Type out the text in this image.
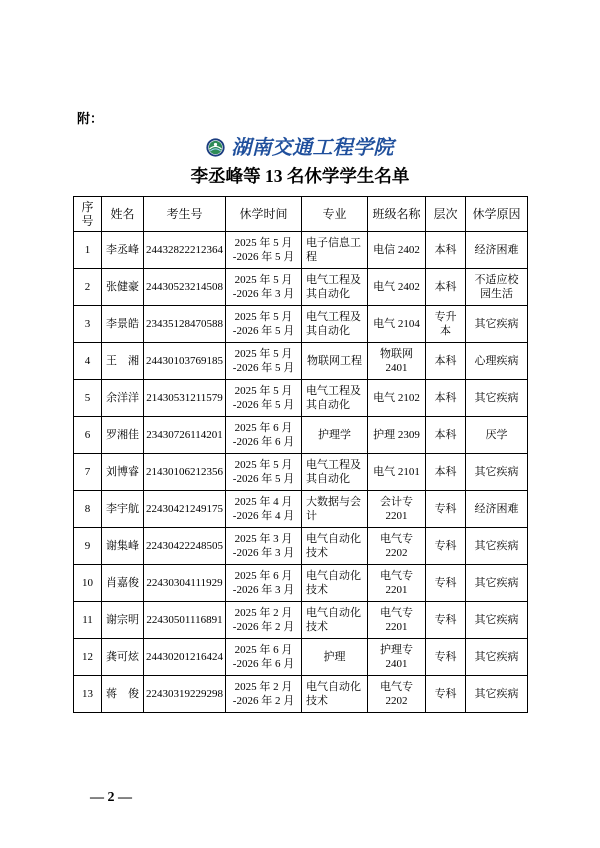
附：
湖南交通工程学院
李丞峰等 13 名休学学生名单
序号	姓名	考生号	休学时间	专业	班级名称	层次	休学原因
1	李丞峰	24432822212364	2025 年 5 月
-2026 年 5 月	电子信息工程	电信 2402	本科	经济困难
2	张健豪	24430523214508	2025 年 5 月
-2026 年 3 月	电气工程及其自动化	电气 2402	本科	不适应校园生活
3	李景皓	23435128470588	2025 年 5 月
-2026 年 5 月	电气工程及其自动化	电气 2104	专升本	其它疾病
4	王　湘	24430103769185	2025 年 5 月
-2026 年 5 月	物联网工程	物联网 2401	本科	心理疾病
5	余洋洋	21430531211579	2025 年 5 月
-2026 年 5 月	电气工程及其自动化	电气 2102	本科	其它疾病
6	罗湘佳	23430726114201	2025 年 6 月
-2026 年 6 月	护理学	护理 2309	本科	厌学
7	刘博睿	21430106212356	2025 年 5 月
-2026 年 5 月	电气工程及其自动化	电气 2101	本科	其它疾病
8	李宇航	22430421249175	2025 年 4 月
-2026 年 4 月	大数据与会计	会计专 2201	专科	经济困难
9	谢集峰	22430422248505	2025 年 3 月
-2026 年 3 月	电气自动化技术	电气专 2202	专科	其它疾病
10	肖嘉俊	22430304111929	2025 年 6 月
-2026 年 3 月	电气自动化技术	电气专 2201	专科	其它疾病
11	谢宗明	22430501116891	2025 年 2 月
-2026 年 2 月	电气自动化技术	电气专 2201	专科	其它疾病
12	龚可炫	24430201216424	2025 年 6 月
-2026 年 6 月	护理	护理专 2401	专科	其它疾病
13	蒋　俊	22430319229298	2025 年 2 月
-2026 年 2 月	电气自动化技术	电气专 2202	专科	其它疾病
— 2 —
